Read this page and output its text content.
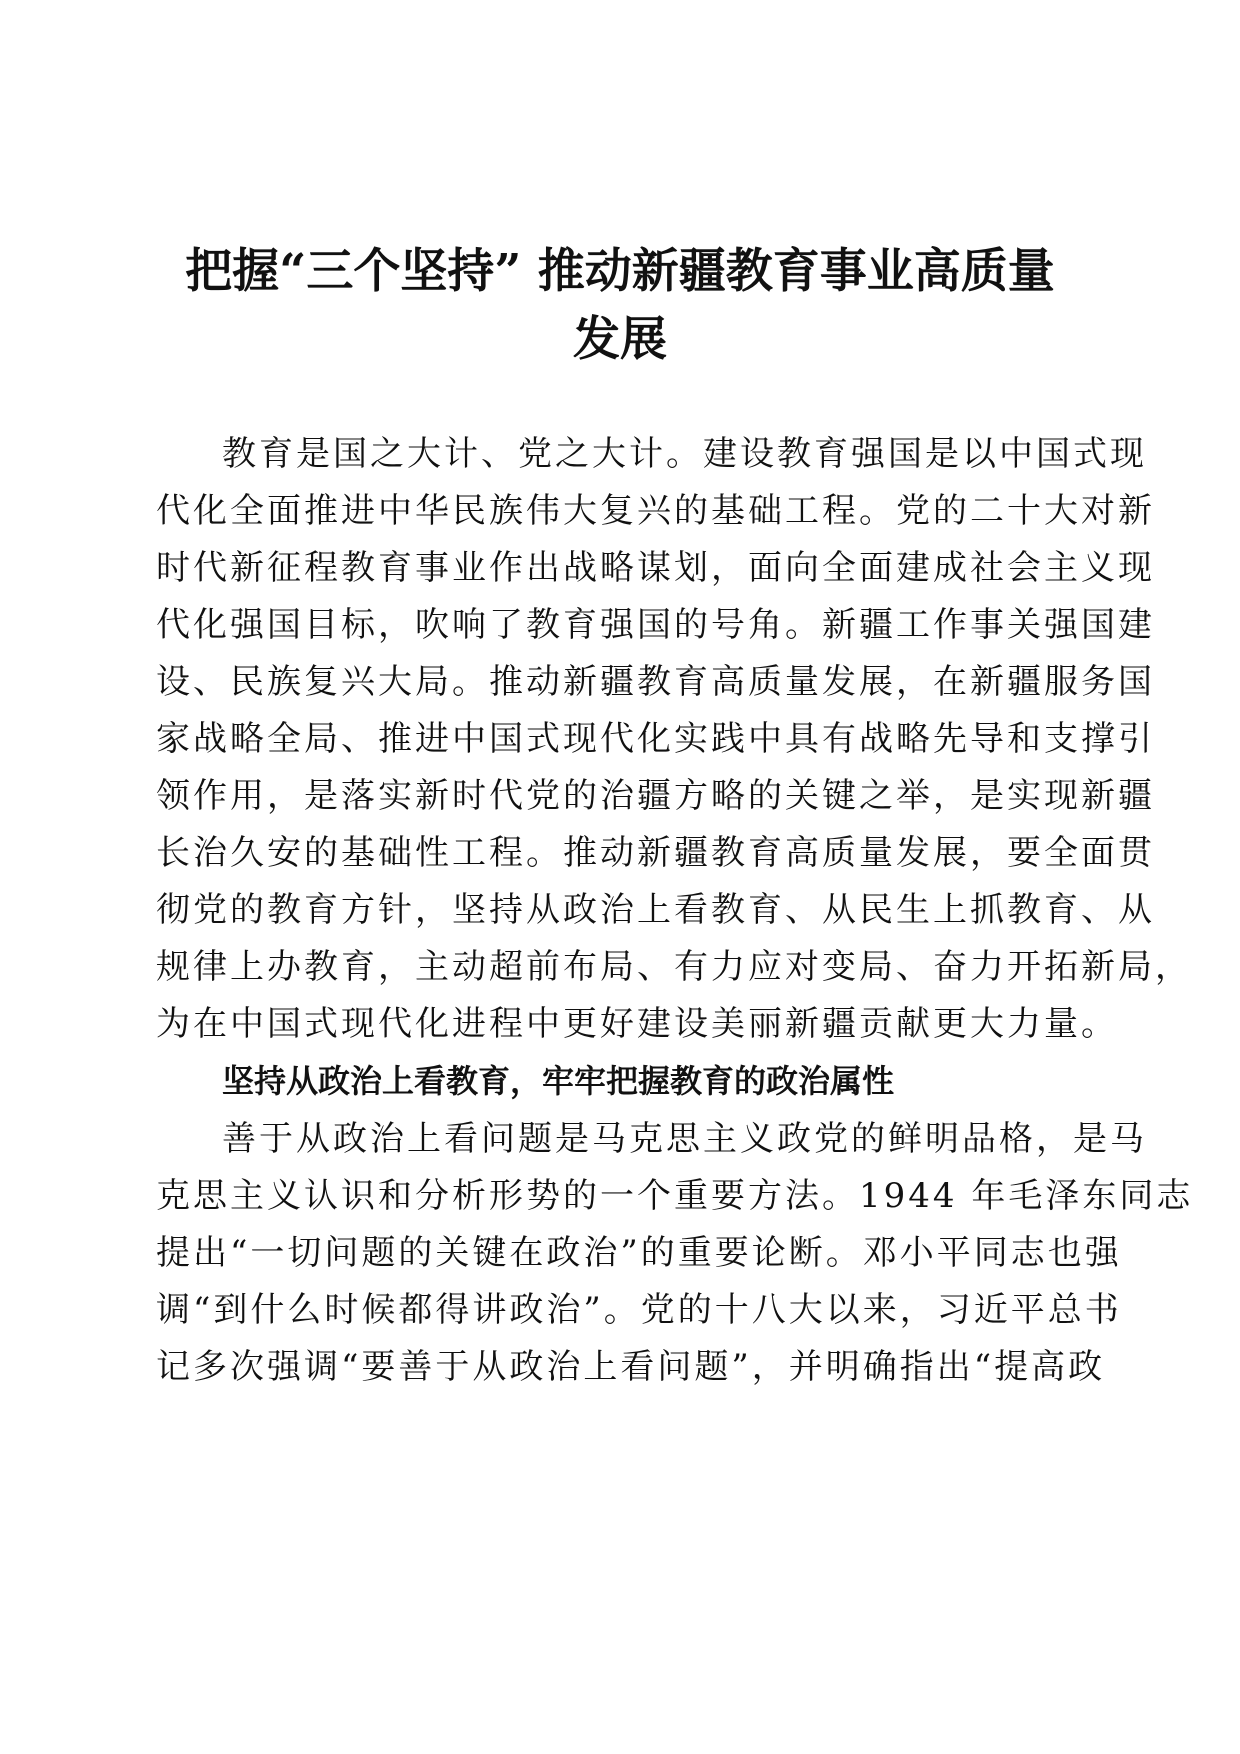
把握“三个坚持” 推动新疆教育事业高质量
发展

教育是国之大计、党之大计。建设教育强国是以中国式现

代化全面推进中华民族伟大复兴的基础工程。党的二十大对新

时代新征程教育事业作出战略谋划，面向全面建成社会主义现

代化强国目标，吹响了教育强国的号角。新疆工作事关强国建

设、民族复兴大局。推动新疆教育高质量发展，在新疆服务国

家战略全局、推进中国式现代化实践中具有战略先导和支撑引

领作用，是落实新时代党的治疆方略的关键之举，是实现新疆

长治久安的基础性工程。推动新疆教育高质量发展，要全面贯

彻党的教育方针，坚持从政治上看教育、从民生上抓教育、从

规律上办教育，主动超前布局、有力应对变局、奋力开拓新局，

为在中国式现代化进程中更好建设美丽新疆贡献更大力量。

坚持从政治上看教育，牢牢把握教育的政治属性

善于从政治上看问题是马克思主义政党的鲜明品格，是马

克思主义认识和分析形势的一个重要方法。1944 年毛泽东同志

提出“一切问题的关键在政治”的重要论断。邓小平同志也强

调“到什么时候都得讲政治”。党的十八大以来，习近平总书

记多次强调“要善于从政治上看问题”，并明确指出“提高政
